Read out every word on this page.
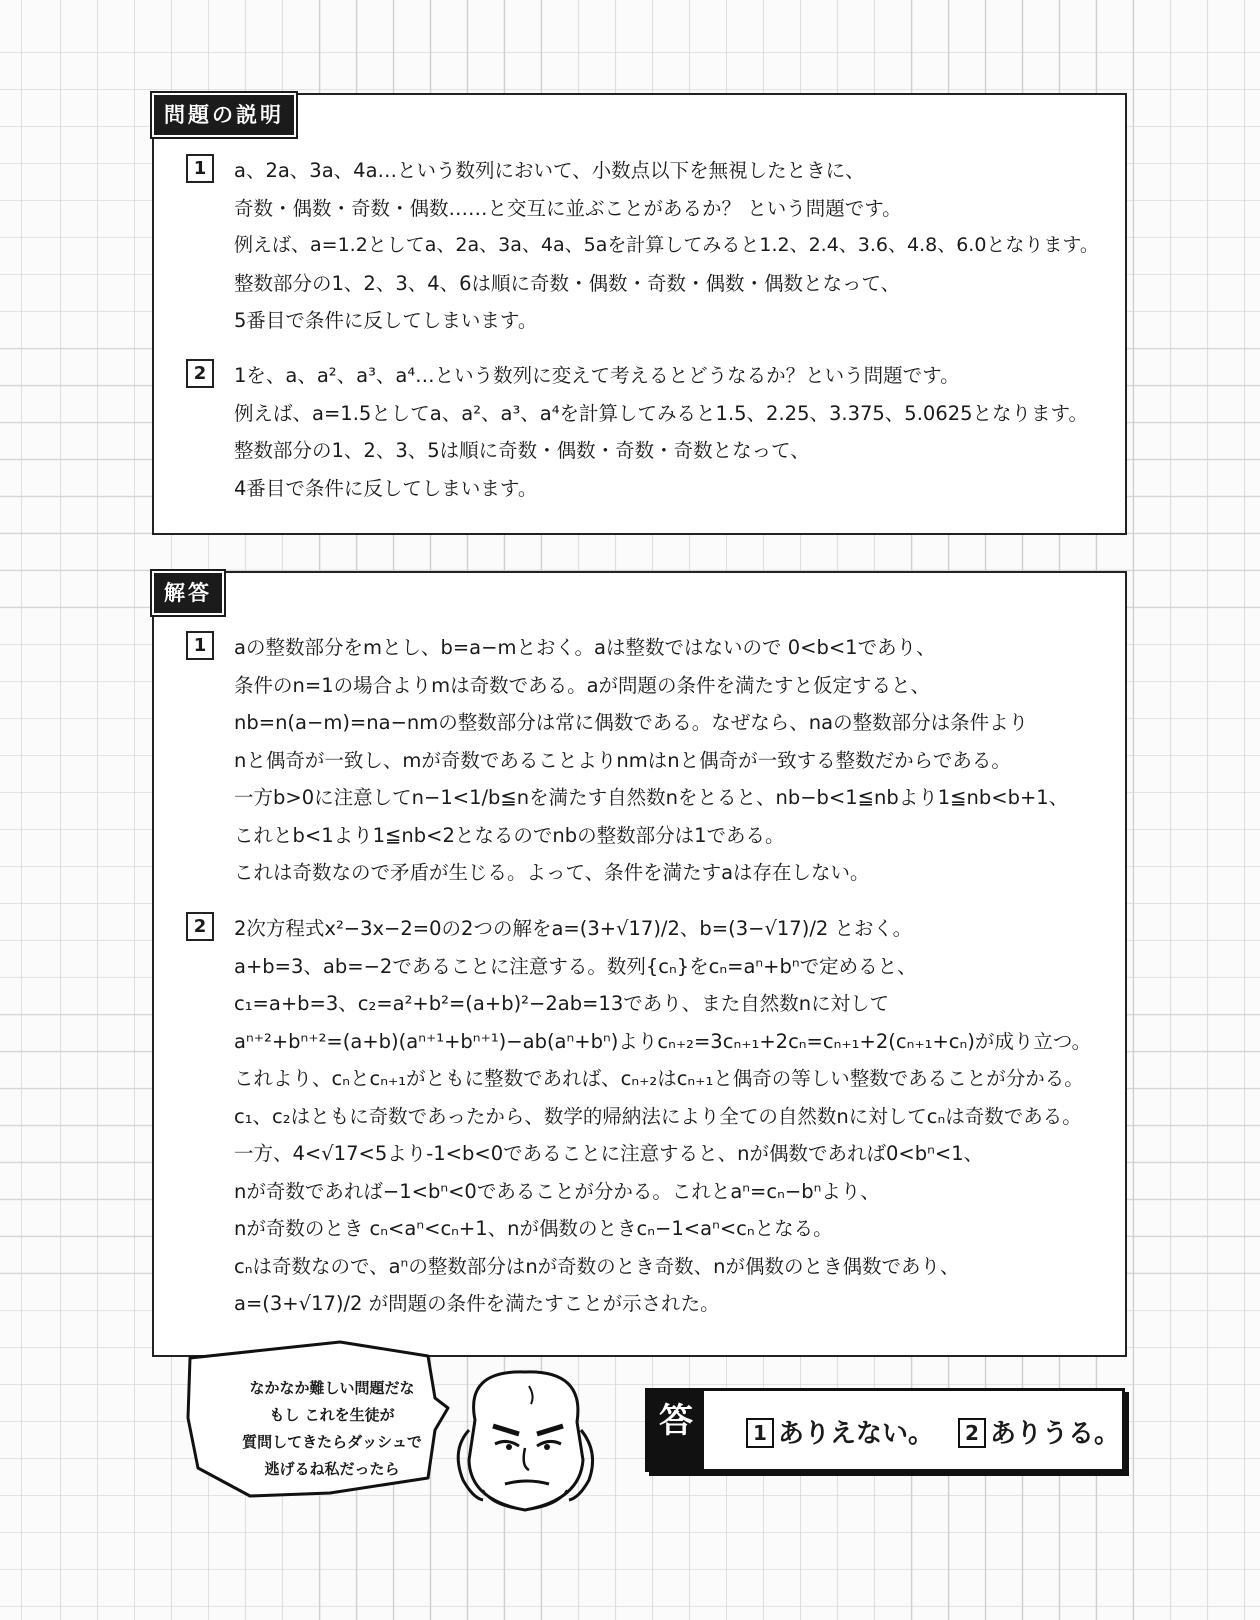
問題の説明
1	a、2a、3a、4a…という数列において、小数点以下を無視したときに、
奇数・偶数・奇数・偶数……と交互に並ぶことがあるか？ という問題です。
例えば、a=1.2としてa、2a、3a、4a、5aを計算してみると1.2、2.4、3.6、4.8、6.0となります。
整数部分の1、2、3、4、6は順に奇数・偶数・奇数・偶数・偶数となって、
5番目で条件に反してしまいます。
2	1を、a、a²、a³、a⁴…という数列に変えて考えるとどうなるか？という問題です。
例えば、a=1.5としてa、a²、a³、a⁴を計算してみると1.5、2.25、3.375、5.0625となります。
整数部分の1、2、3、5は順に奇数・偶数・奇数・奇数となって、
4番目で条件に反してしまいます。
解答
1	aの整数部分をmとし、b=a−mとおく。aは整数ではないので 0<b<1であり、
条件のn=1の場合よりmは奇数である。aが問題の条件を満たすと仮定すると、
nb=n(a−m)=na−nmの整数部分は常に偶数である。なぜなら、naの整数部分は条件より
nと偶奇が一致し、mが奇数であることよりnmはnと偶奇が一致する整数だからである。
一方b>0に注意してn−1<1/b≦nを満たす自然数nをとると、nb−b<1≦nbより1≦nb<b+1、
これとb<1より1≦nb<2となるのでnbの整数部分は1である。
これは奇数なので矛盾が生じる。よって、条件を満たすaは存在しない。
2	2次方程式x²−3x−2=0の2つの解をa=(3+√17)/2、b=(3−√17)/2 とおく。
a+b=3、ab=−2であることに注意する。数列{cₙ}をcₙ=aⁿ+bⁿで定めると、
c₁=a+b=3、c₂=a²+b²=(a+b)²−2ab=13であり、また自然数nに対して
aⁿ⁺²+bⁿ⁺²=(a+b)(aⁿ⁺¹+bⁿ⁺¹)−ab(aⁿ+bⁿ)よりcₙ₊₂=3cₙ₊₁+2cₙ=cₙ₊₁+2(cₙ₊₁+cₙ)が成り立つ。
これより、cₙとcₙ₊₁がともに整数であれば、cₙ₊₂はcₙ₊₁と偶奇の等しい整数であることが分かる。
c₁、c₂はともに奇数であったから、数学的帰納法により全ての自然数nに対してcₙは奇数である。
一方、4<√17<5より-1<b<0であることに注意すると、nが偶数であれば0<bⁿ<1、
nが奇数であれば−1<bⁿ<0であることが分かる。これとaⁿ=cₙ−bⁿより、
nが奇数のとき cₙ<aⁿ<cₙ+1、nが偶数のときcₙ−1<aⁿ<cₙとなる。
cₙは奇数なので、aⁿの整数部分はnが奇数のとき奇数、nが偶数のとき偶数であり、
a=(3+√17)/2 が問題の条件を満たすことが示された。
なかなか難しい問題だな
もし これを生徒が
質問してきたらダッシュで
逃げるね私だったら
答	1 ありえない。 2 ありうる。
